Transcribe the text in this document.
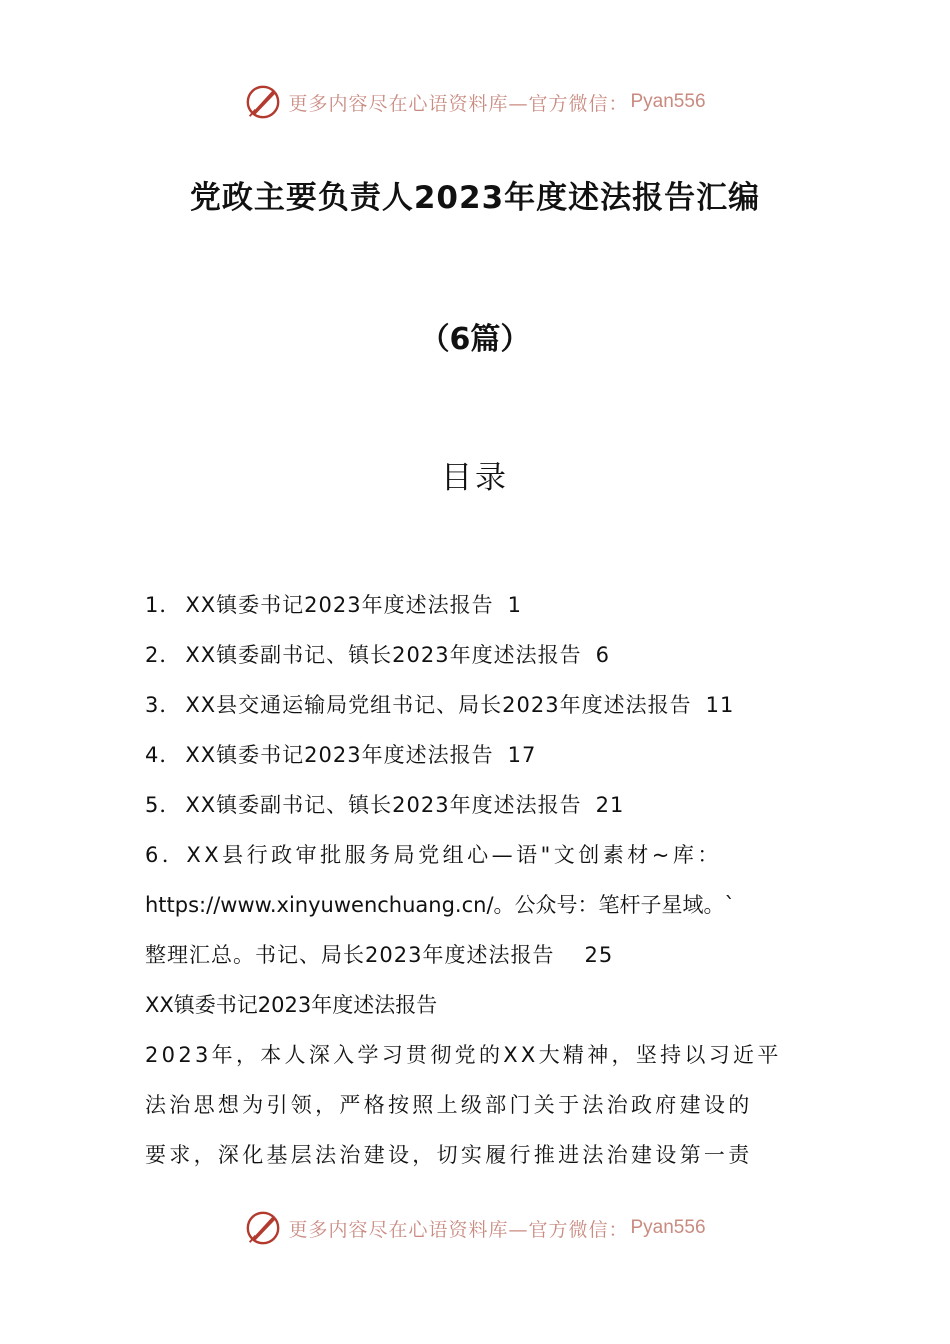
更多内容尽在心语资料库—官方微信： Pyan556
党政主要负责人2023年度述法报告汇编
（6篇）
目录
1． XX镇委书记2023年度述法报告 1
2． XX镇委副书记、镇长2023年度述法报告 6
3． XX县交通运输局党组书记、局长2023年度述法报告 11
4． XX镇委书记2023年度述法报告 17
5． XX镇委副书记、镇长2023年度述法报告 21
6．XX县行政审批服务局党组心—语"文创素材~库：
https://www.xinyuwenchuang.cn/。公众号：笔杆子星域。`
整理汇总。书记、局长2023年度述法报告 25
XX镇委书记2023年度述法报告
2023年，本人深入学习贯彻党的XX大精神，坚持以习近平
法治思想为引领，严格按照上级部门关于法治政府建设的
要求，深化基层法治建设，切实履行推进法治建设第一责
更多内容尽在心语资料库—官方微信： Pyan556
